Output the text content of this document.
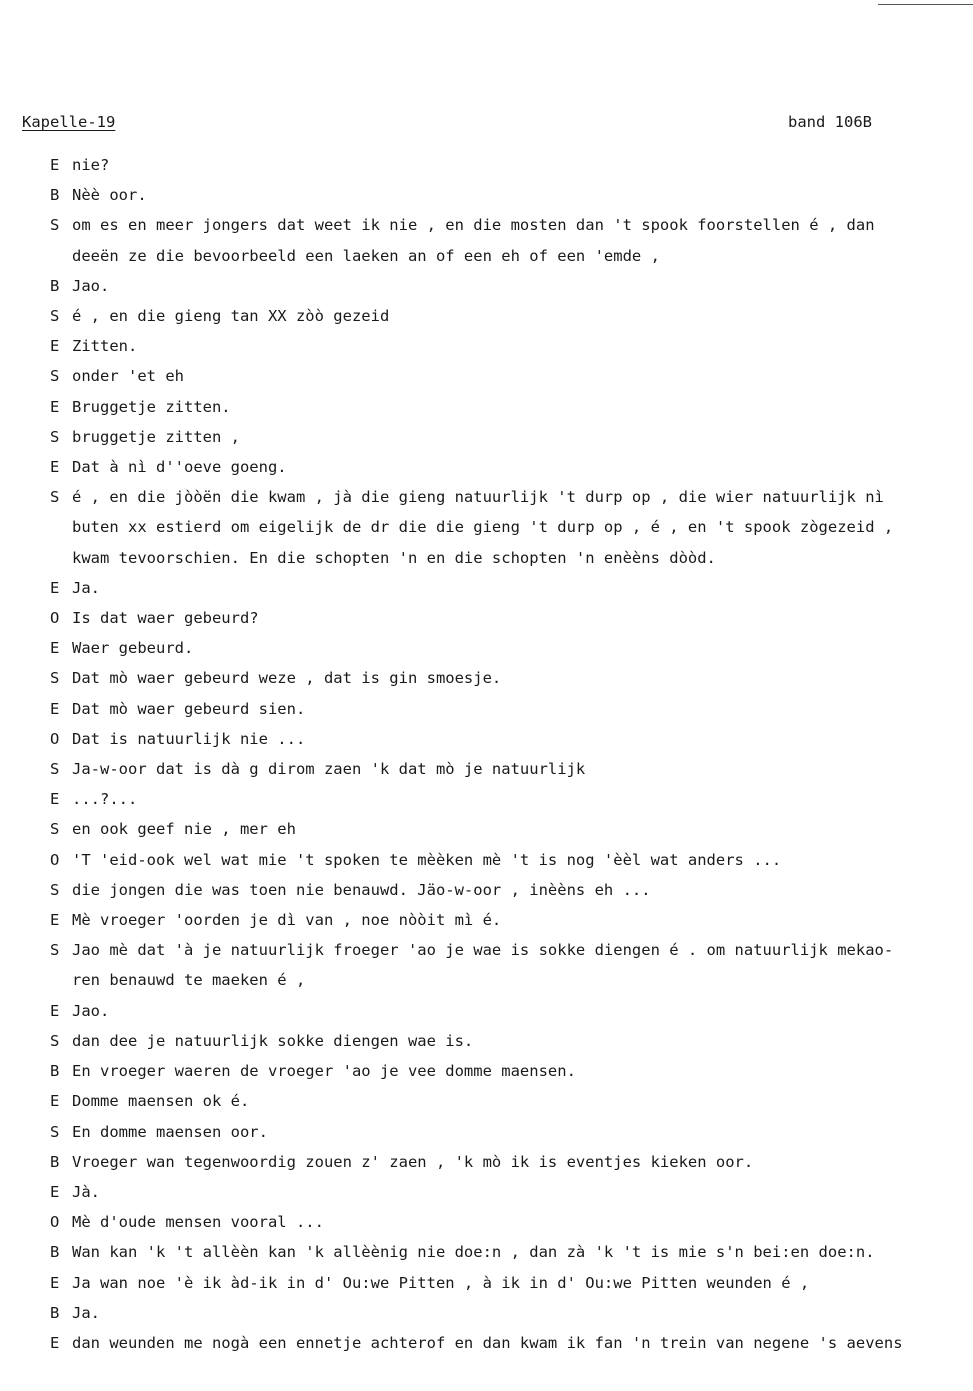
Kapelle-19	band 106B
E nie?
B Nèè oor.
S om es en meer jongers dat weet ik nie , en die mosten dan 't spook foorstellen é , dan
deeën ze die bevoorbeeld een laeken an of een eh of een 'emde ,
B Jao.
S é , en die gieng tan XX zòò gezeid
E Zitten.
S onder 'et eh
E Bruggetje zitten.
S bruggetje zitten ,
E Dat à nì d''oeve goeng.
S é , en die jòòën die kwam , jà die gieng natuurlijk 't durp op , die wier natuurlijk nì
buten xx estierd om eigelijk de dr die die gieng 't durp op , é , en 't spook zògezeid ,
kwam tevoorschien. En die schopten 'n en die schopten 'n enèèns dòòd.
E Ja.
O Is dat waer gebeurd?
E Waer gebeurd.
S Dat mò waer gebeurd weze , dat is gin smoesje.
E Dat mò waer gebeurd sien.
O Dat is natuurlijk nie ...
S Ja-w-oor dat is dà g dirom zaen 'k dat mò je natuurlijk
E ...?...
S en ook geef nie , mer eh
O 'T 'eid-ook wel wat mie 't spoken te mèèken mè 't is nog 'èèl wat anders ...
S die jongen die was toen nie benauwd. Jäo-w-oor , inèèns eh ...
E Mè vroeger 'oorden je dì van , noe nòòit mì é.
S Jao mè dat 'à je natuurlijk froeger 'ao je wae is sokke diengen é . om natuurlijk mekao-
ren benauwd te maeken é ,
E Jao.
S dan dee je natuurlijk sokke diengen wae is.
B En vroeger waeren de vroeger 'ao je vee domme maensen.
E Domme maensen ok é.
S En domme maensen oor.
B Vroeger wan tegenwoordig zouen z' zaen , 'k mò ik is eventjes kieken oor.
E Jà.
O Mè d'oude mensen vooral ...
B Wan kan 'k 't allèèn kan 'k allèènig nie doe:n , dan zà 'k 't is mie s'n bei:en doe:n.
E Ja wan noe 'è ik àd-ik in d' Ou:we Pitten , à ik in d' Ou:we Pitten weunden é ,
B Ja.
E dan weunden me nogà een ennetje achterof en dan kwam ik fan 'n trein van negene 's aevens
